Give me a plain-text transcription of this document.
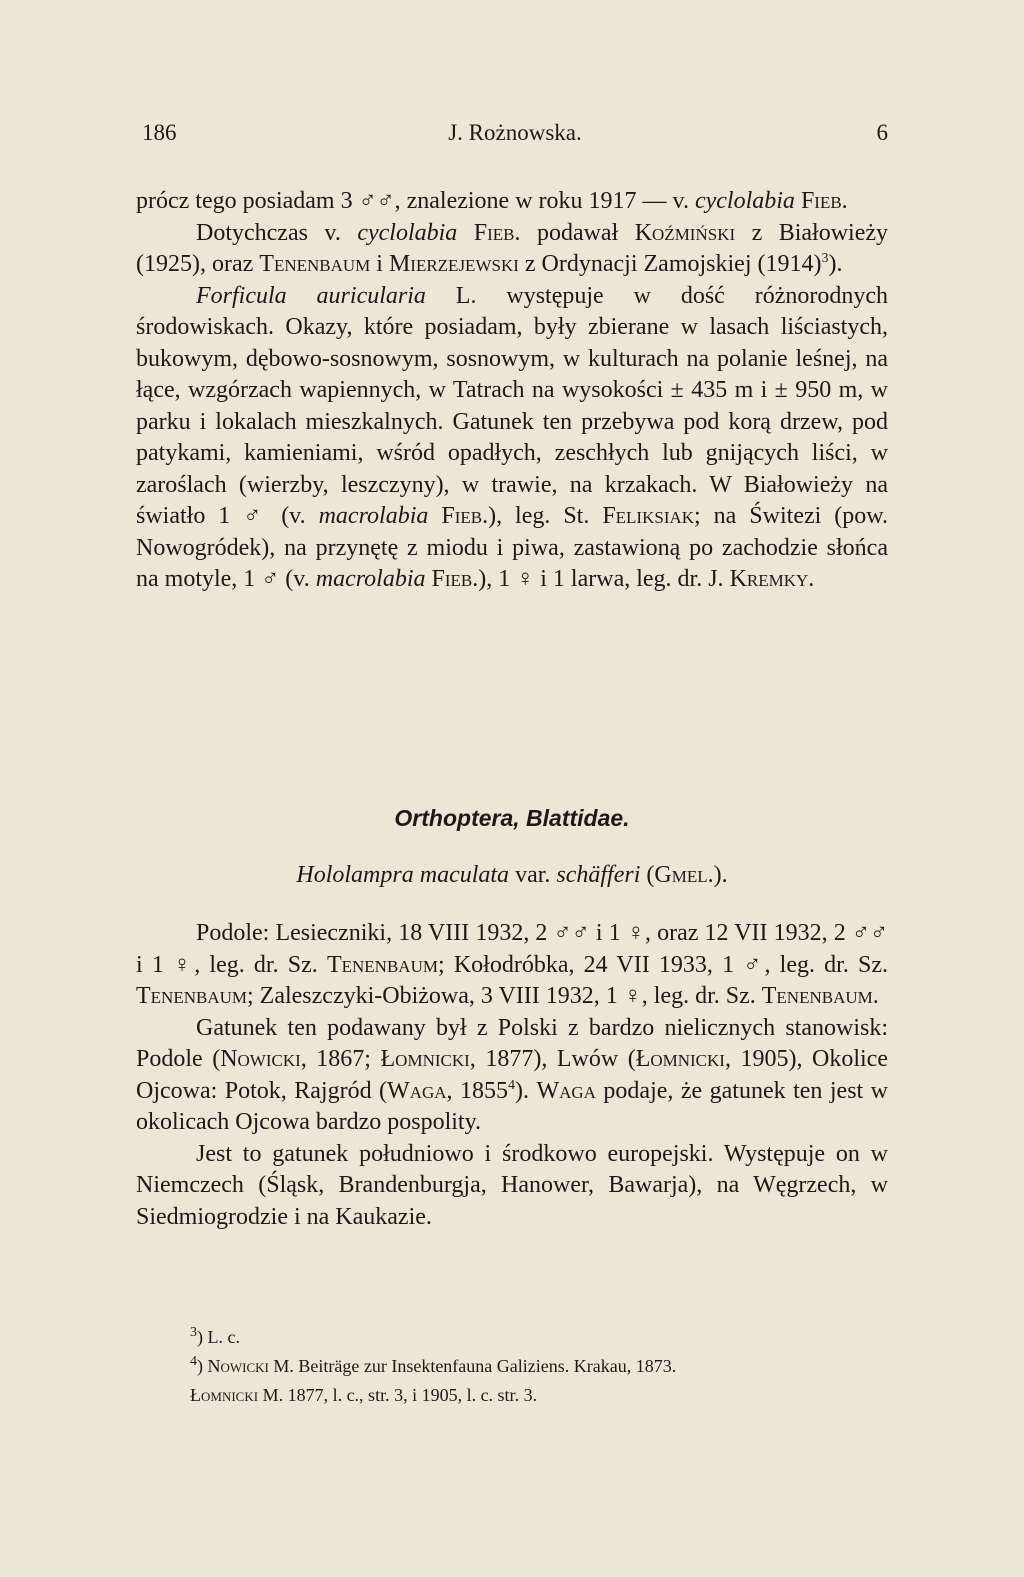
186	J. Rożnowska.	6

prócz tego posiadam 3 ♂♂, znalezione w roku 1917 — v. cyclolabia Fieb.

Dotychczas v. cyclolabia Fieb. podawał Koźmiński z Białowieży (1925), oraz Tenenbaum i Mierzejewski z Ordynacji Zamojskiej $(1914)^3$).

Forficula auricularia L. występuje w dość różnorodnych środowiskach. Okazy, które posiadam, były zbierane w lasach liściastych, bukowym, dębowo-sosnowym, sosnowym, w kulturach na polanie leśnej, na łące, wzgórzach wapiennych, w Tatrach na wysokości ± 435 m i ± 950 m, w parku i lokalach mieszkalnych. Gatunek ten przebywa pod korą drzew, pod patykami, kamieniami, wśród opadłych, zeschłych lub gnijących liści, w zaroślach (wierzby, leszczyny), w trawie, na krzakach. W Białowieży na światło 1 ♂ (v. macrolabia Fieb.), leg. St. Feliksiak; na Świtezi (pow. Nowogródek), na przynętę z miodu i piwa, zastawioną po zachodzie słońca na motyle, 1 ♂ (v. macrolabia Fieb.), 1 ♀ i 1 larwa, leg. dr. J. Kremky.

Orthoptera, Blattidae.
Hololampra maculata var. schäfferi (Gmel.).

Podole: Lesieczniki, 18 VIII 1932, 2 ♂♂ i 1 ♀, oraz 12 VII 1932, 2 ♂♂ i 1 ♀, leg. dr. Sz. Tenenbaum; Kołodróbka, 24 VII 1933, 1 ♂, leg. dr. Sz. Tenenbaum; Zaleszczyki-Obiżowa, 3 VIII 1932, 1 ♀, leg. dr. Sz. Tenenbaum.

Gatunek ten podawany był z Polski z bardzo nielicznych stanowisk: Podole (Nowicki, 1867; Łomnicki, 1877), Lwów (Łomnicki, 1905), Okolice Ojcowa: Potok, Rajgród (Waga, 1855$^4$). Waga podaje, że gatunek ten jest w okolicach Ojcowa bardzo pospolity.

Jest to gatunek południowo i środkowo europejski. Występuje on w Niemczech (Śląsk, Brandenburgja, Hanower, Bawarja), na Węgrzech, w Siedmiogrodzie i na Kaukazie.

$^3$) L. c.

$^4$) Nowicki M. Beiträge zur Insektenfauna Galiziens. Krakau, 1873.

Łomnicki M. 1877, l. c., str. 3, i 1905, l. c. str. 3.
